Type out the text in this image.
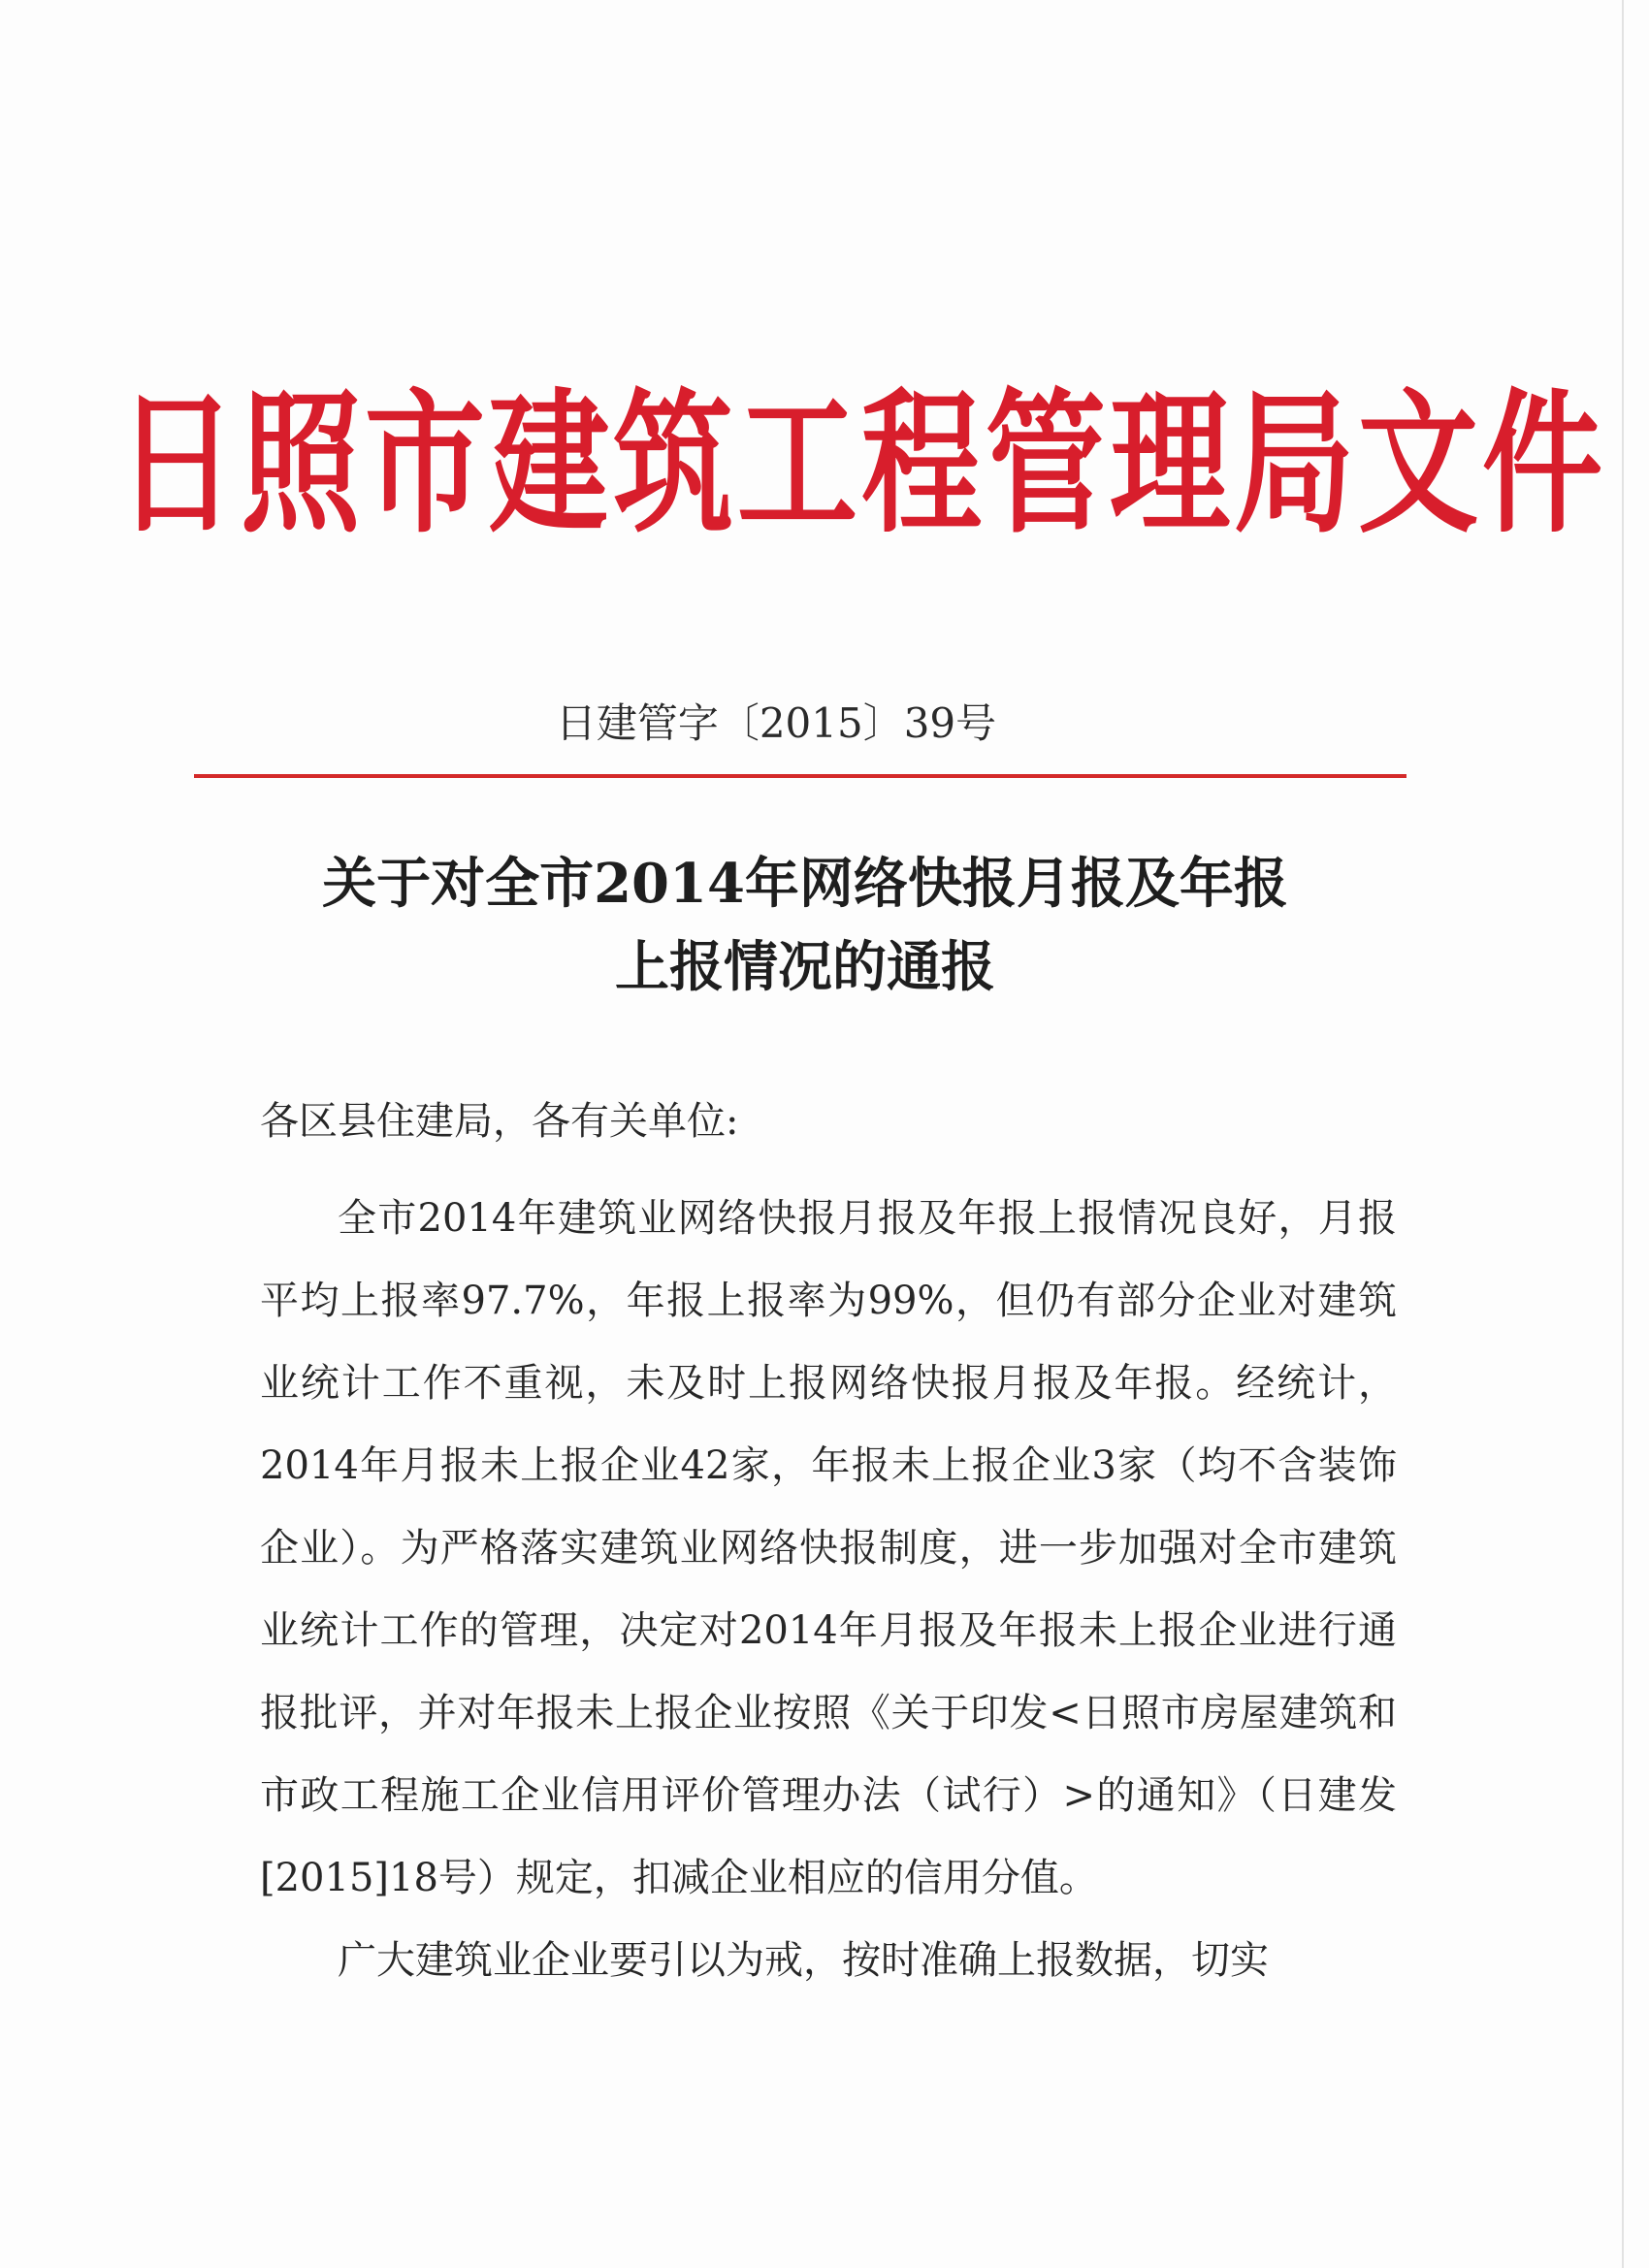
日照市建筑工程管理局文件
日建管字〔2015〕39号
关于对全市2014年网络快报月报及年报
上报情况的通报
各区县住建局，各有关单位:

全市2014年建筑业网络快报月报及年报上报情况良好，月报平均上报率97.7%，年报上报率为99%，但仍有部分企业对建筑业统计工作不重视，未及时上报网络快报月报及年报。经统计，2014年月报未上报企业42家，年报未上报企业3家（均不含装饰企业）。为严格落实建筑业网络快报制度，进一步加强对全市建筑业统计工作的管理，决定对2014年月报及年报未上报企业进行通报批评，并对年报未上报企业按照《关于印发<日照市房屋建筑和市政工程施工企业信用评价管理办法（试行）>的通知》（日建发[2015]18号）规定，扣减企业相应的信用分值。

广大建筑业企业要引以为戒，按时准确上报数据，切实
